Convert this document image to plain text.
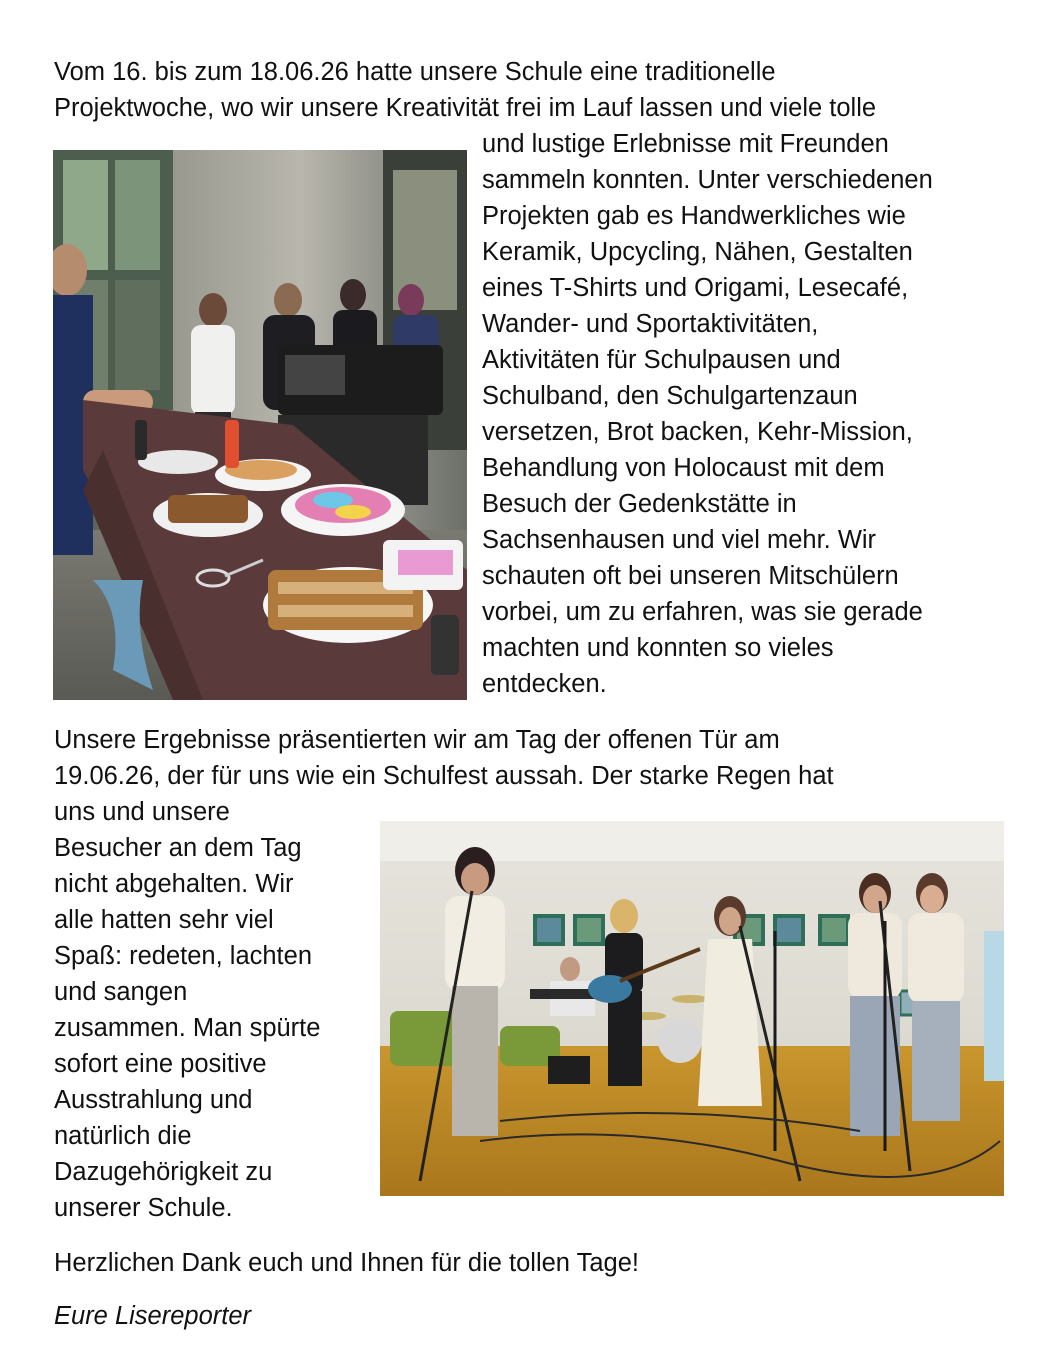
Vom 16. bis zum 18.06.26 hatte unsere Schule eine traditionelle
Projektwoche, wo wir unsere Kreativität frei im Lauf lassen und viele tolle
und lustige Erlebnisse mit Freunden
sammeln konnten. Unter verschiedenen
Projekten gab es Handwerkliches wie
Keramik, Upcycling, Nähen, Gestalten
eines T-Shirts und Origami, Lesecafé,
Wander- und Sportaktivitäten,
Aktivitäten für Schulpausen und
Schulband, den Schulgartenzaun
versetzen, Brot backen, Kehr-Mission,
Behandlung von Holocaust mit dem
Besuch der Gedenkstätte in
Sachsenhausen und viel mehr. Wir
schauten oft bei unseren Mitschülern
vorbei, um zu erfahren, was sie gerade
machten und konnten so vieles
entdecken.
Unsere Ergebnisse präsentierten wir am Tag der offenen Tür am
19.06.26, der für uns wie ein Schulfest aussah. Der starke Regen hat
uns und unsere
Besucher an dem Tag
nicht abgehalten. Wir
alle hatten sehr viel
Spaß: redeten, lachten
und sangen
zusammen. Man spürte
sofort eine positive
Ausstrahlung und
natürlich die
Dazugehörigkeit zu
unserer Schule.
Herzlichen Dank euch und Ihnen für die tollen Tage!
Eure Lisereporter
